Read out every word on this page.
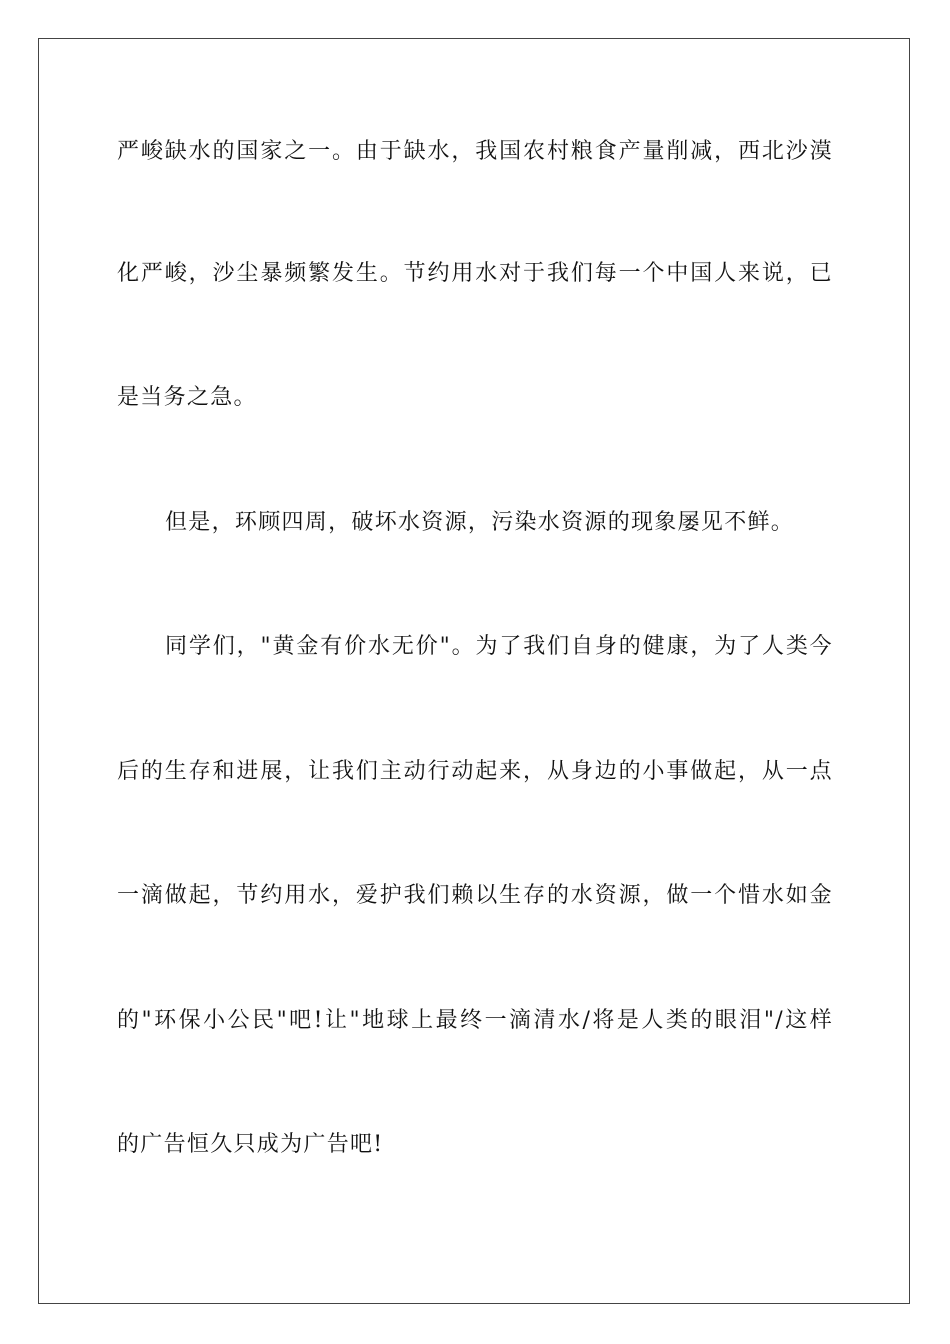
严峻缺水的国家之一。由于缺水，我国农村粮食产量削减，西北沙漠
化严峻，沙尘暴频繁发生。节约用水对于我们每一个中国人来说，已
是当务之急。
但是，环顾四周，破坏水资源，污染水资源的现象屡见不鲜。
同学们，"黄金有价水无价"。为了我们自身的健康，为了人类今
后的生存和进展，让我们主动行动起来，从身边的小事做起，从一点
一滴做起，节约用水，爱护我们赖以生存的水资源，做一个惜水如金
的"环保小公民"吧!让"地球上最终一滴清水/将是人类的眼泪"/这样
的广告恒久只成为广告吧!
